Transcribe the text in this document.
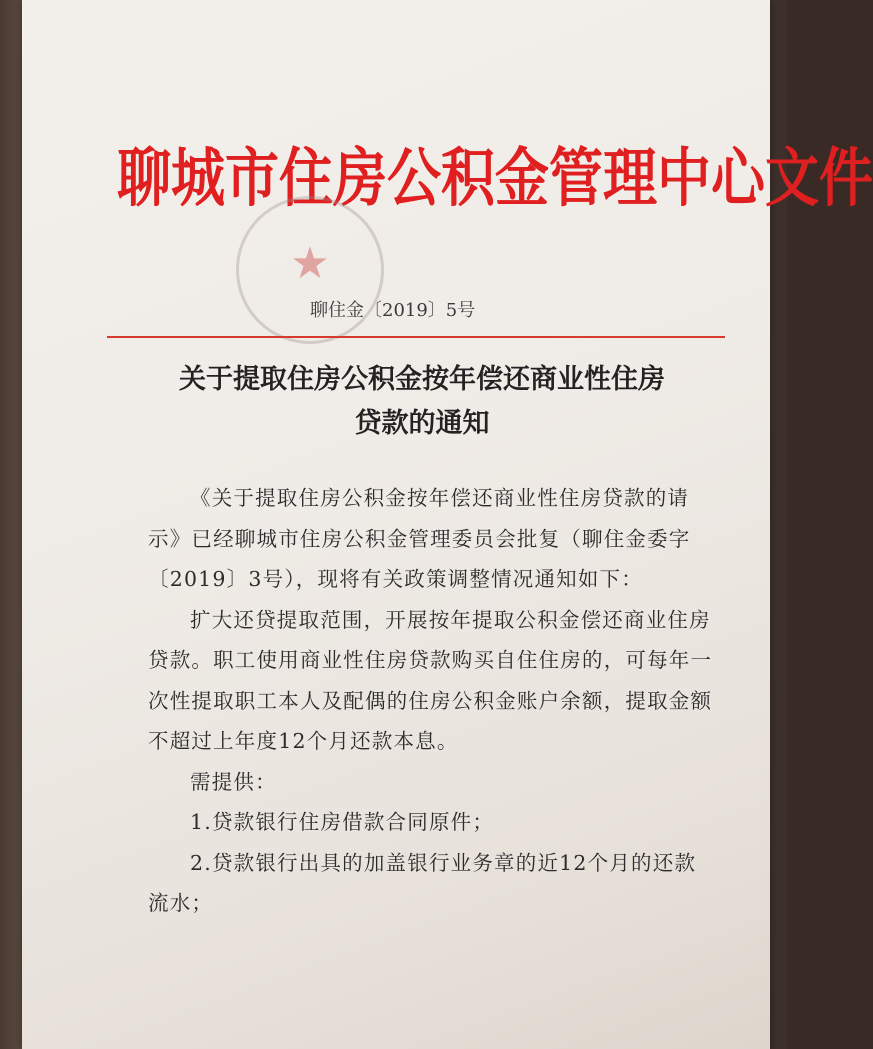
聊城市住房公积金管理中心文件
★
聊住金〔2019〕5号
关于提取住房公积金按年偿还商业性住房
贷款的通知
《关于提取住房公积金按年偿还商业性住房贷款的请
示》已经聊城市住房公积金管理委员会批复（聊住金委字
〔2019〕3号），现将有关政策调整情况通知如下：
扩大还贷提取范围，开展按年提取公积金偿还商业住房
贷款。职工使用商业性住房贷款购买自住住房的，可每年一
次性提取职工本人及配偶的住房公积金账户余额，提取金额
不超过上年度12个月还款本息。
需提供：
1.贷款银行住房借款合同原件；
2.贷款银行出具的加盖银行业务章的近12个月的还款
流水；
